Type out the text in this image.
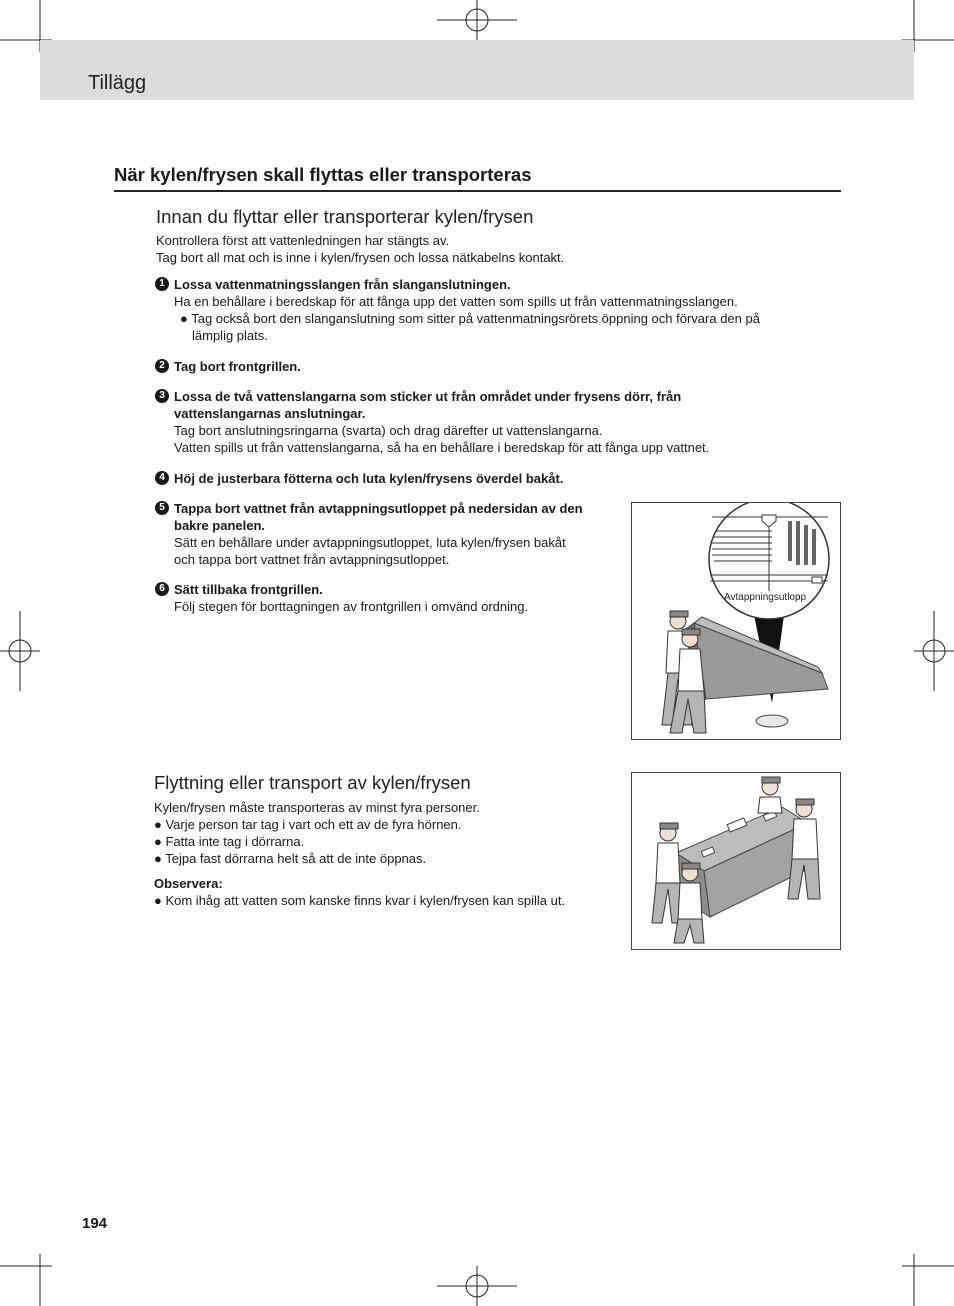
Tillägg
När kylen/frysen skall flyttas eller transporteras
Innan du flyttar eller transporterar kylen/frysen
Kontrollera först att vattenledningen har stängts av.
Tag bort all mat och is inne i kylen/frysen och lossa nätkabelns kontakt.
1 Lossa vattenmatningsslangen från slanganslutningen.
Ha en behållare i beredskap för att fånga upp det vatten som spills ut från vattenmatningsslangen.
● Tag också bort den slanganslutning som sitter på vattenmatningsrörets öppning och förvara den på
lämplig plats.
2 Tag bort frontgrillen.
3 Lossa de två vattenslangarna som sticker ut från området under frysens dörr, från
vattenslangarnas anslutningar.
Tag bort anslutningsringarna (svarta) och drag därefter ut vattenslangarna.
Vatten spills ut från vattenslangarna, så ha en behållare i beredskap för att fånga upp vattnet.
4 Höj de justerbara fötterna och luta kylen/frysens överdel bakåt.
5 Tappa bort vattnet från avtappningsutloppet på nedersidan av den
bakre panelen.
Sätt en behållare under avtappningsutloppet, luta kylen/frysen bakåt
och tappa bort vattnet från avtappningsutloppet.
6 Sätt tillbaka frontgrillen.
Följ stegen för borttagningen av frontgrillen i omvänd ordning.
Avtappningsutlopp
Flyttning eller transport av kylen/frysen
Kylen/frysen måste transporteras av minst fyra personer.
● Varje person tar tag i vart och ett av de fyra hörnen.
● Fatta inte tag i dörrarna.
● Tejpa fast dörrarna helt så att de inte öppnas.
Observera:
● Kom ihåg att vatten som kanske finns kvar i kylen/frysen kan spilla ut.
194
